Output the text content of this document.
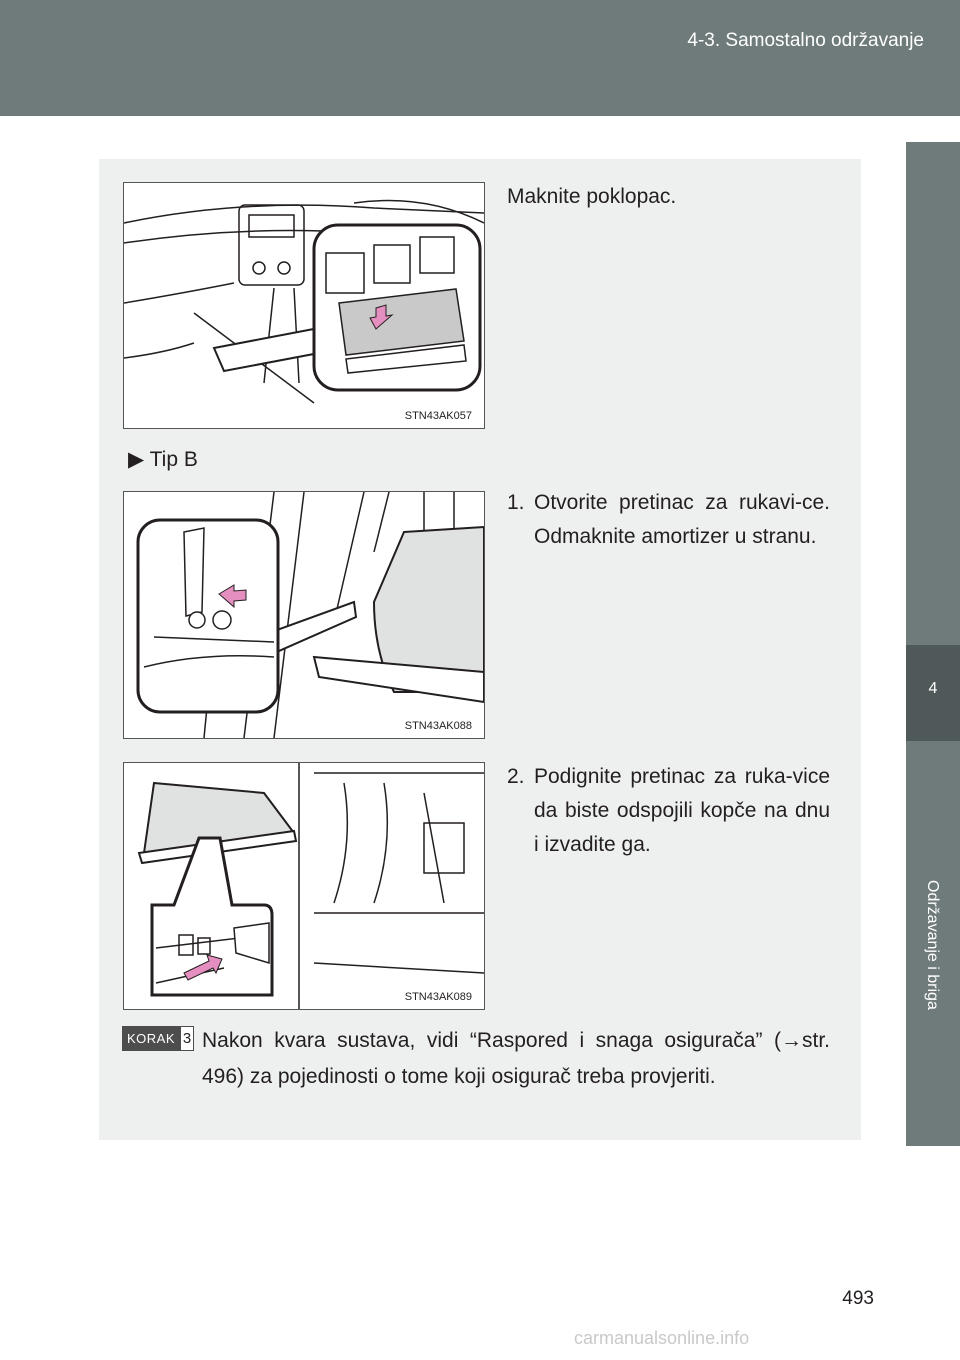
4-3. Samostalno održavanje
4
Održavanje i briga
STN43AK057
Maknite poklopac.
▶ Tip B
STN43AK088
1. Otvorite pretinac za rukavi-ce. Odmaknite amortizer u stranu.
STN43AK089
2. Podignite pretinac za ruka-vice da biste odspojili kopče na dnu i izvadite ga.
KORAK 3 Nakon kvara sustava, vidi “Raspored i snaga osigurača” (→str. 496) za pojedinosti o tome koji osigurač treba provjeriti.
493
carmanualsonline.info
